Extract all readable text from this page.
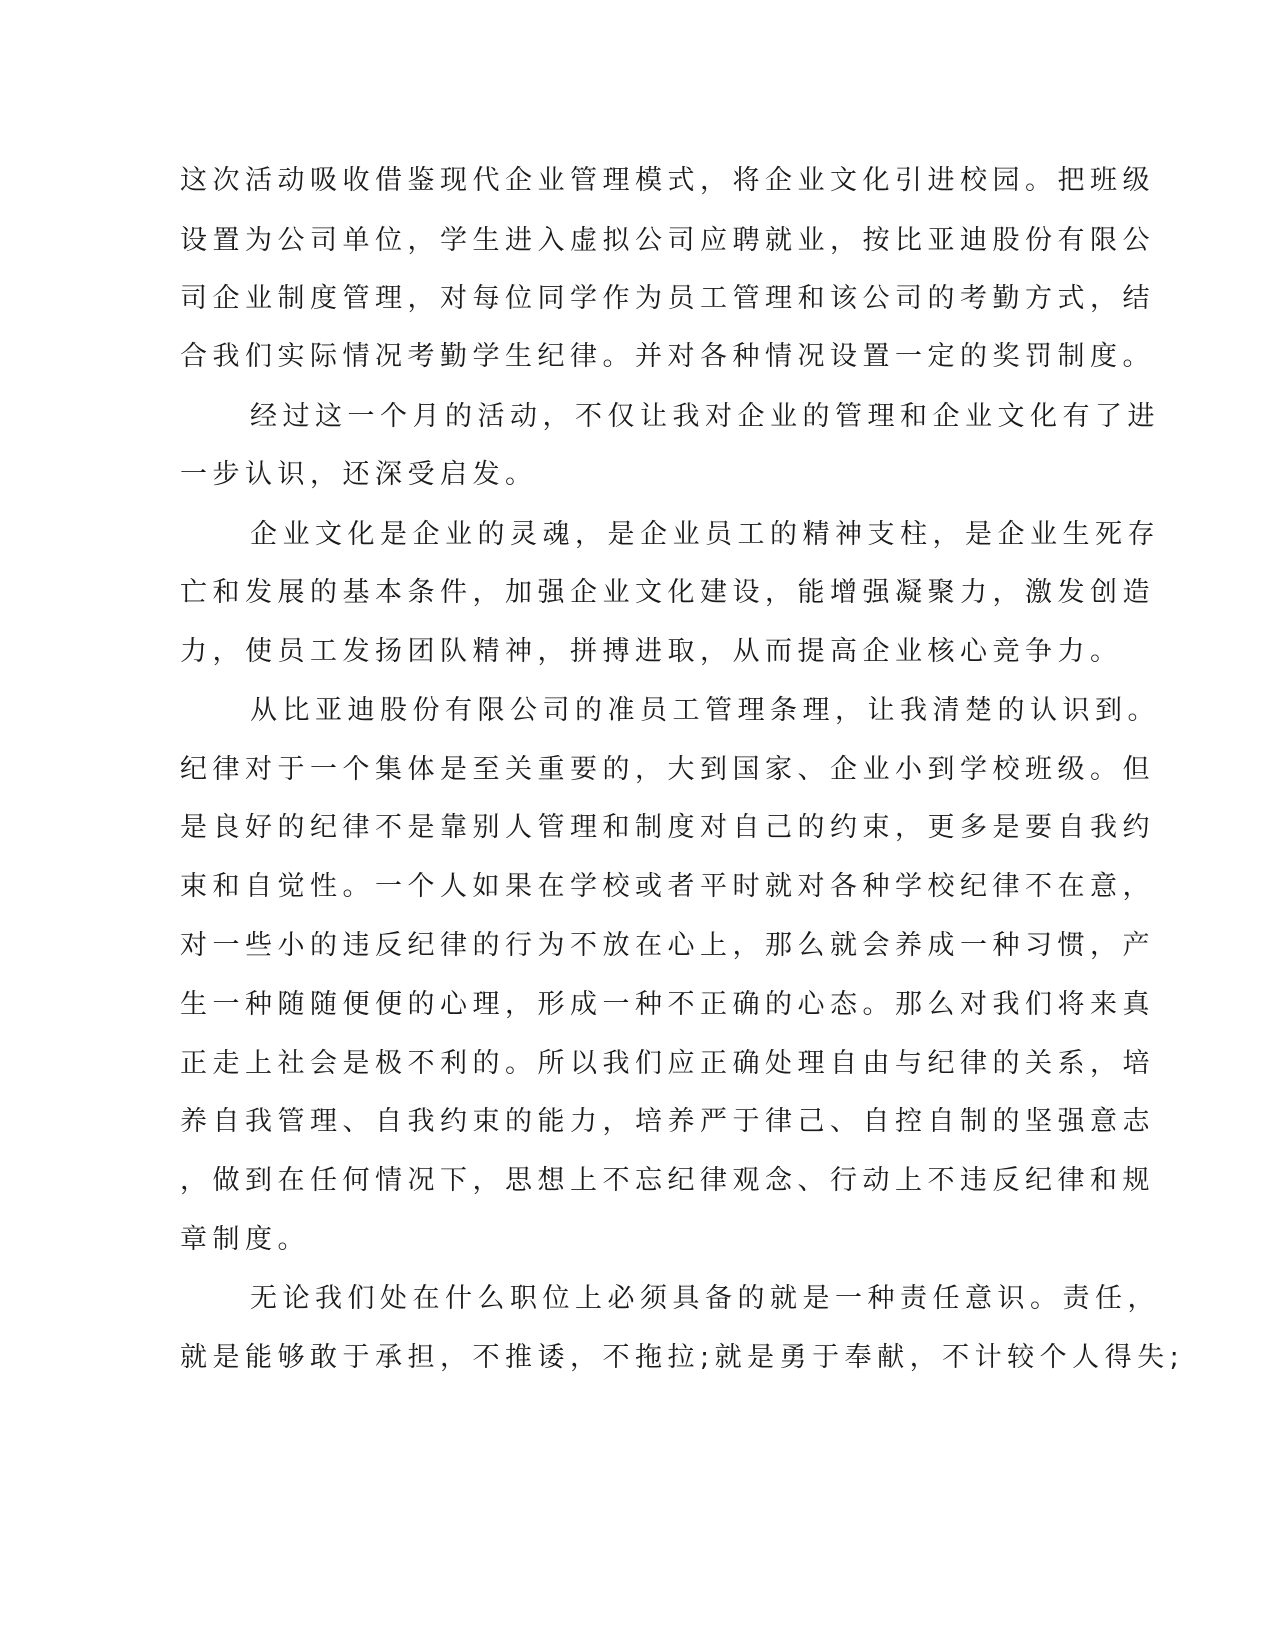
这次活动吸收借鉴现代企业管理模式，将企业文化引进校园。把班级
设置为公司单位，学生进入虚拟公司应聘就业，按比亚迪股份有限公
司企业制度管理，对每位同学作为员工管理和该公司的考勤方式，结
合我们实际情况考勤学生纪律。并对各种情况设置一定的奖罚制度。
经过这一个月的活动，不仅让我对企业的管理和企业文化有了进
一步认识，还深受启发。
企业文化是企业的灵魂，是企业员工的精神支柱，是企业生死存
亡和发展的基本条件，加强企业文化建设，能增强凝聚力，激发创造
力，使员工发扬团队精神，拼搏进取，从而提高企业核心竞争力。
从比亚迪股份有限公司的准员工管理条理，让我清楚的认识到。
纪律对于一个集体是至关重要的，大到国家、企业小到学校班级。但
是良好的纪律不是靠别人管理和制度对自己的约束，更多是要自我约
束和自觉性。一个人如果在学校或者平时就对各种学校纪律不在意，
对一些小的违反纪律的行为不放在心上，那么就会养成一种习惯，产
生一种随随便便的心理，形成一种不正确的心态。那么对我们将来真
正走上社会是极不利的。所以我们应正确处理自由与纪律的关系，培
养自我管理、自我约束的能力，培养严于律己、自控自制的坚强意志
，做到在任何情况下，思想上不忘纪律观念、行动上不违反纪律和规
章制度。
无论我们处在什么职位上必须具备的就是一种责任意识。责任，
就是能够敢于承担，不推诿，不拖拉;就是勇于奉献，不计较个人得失;
